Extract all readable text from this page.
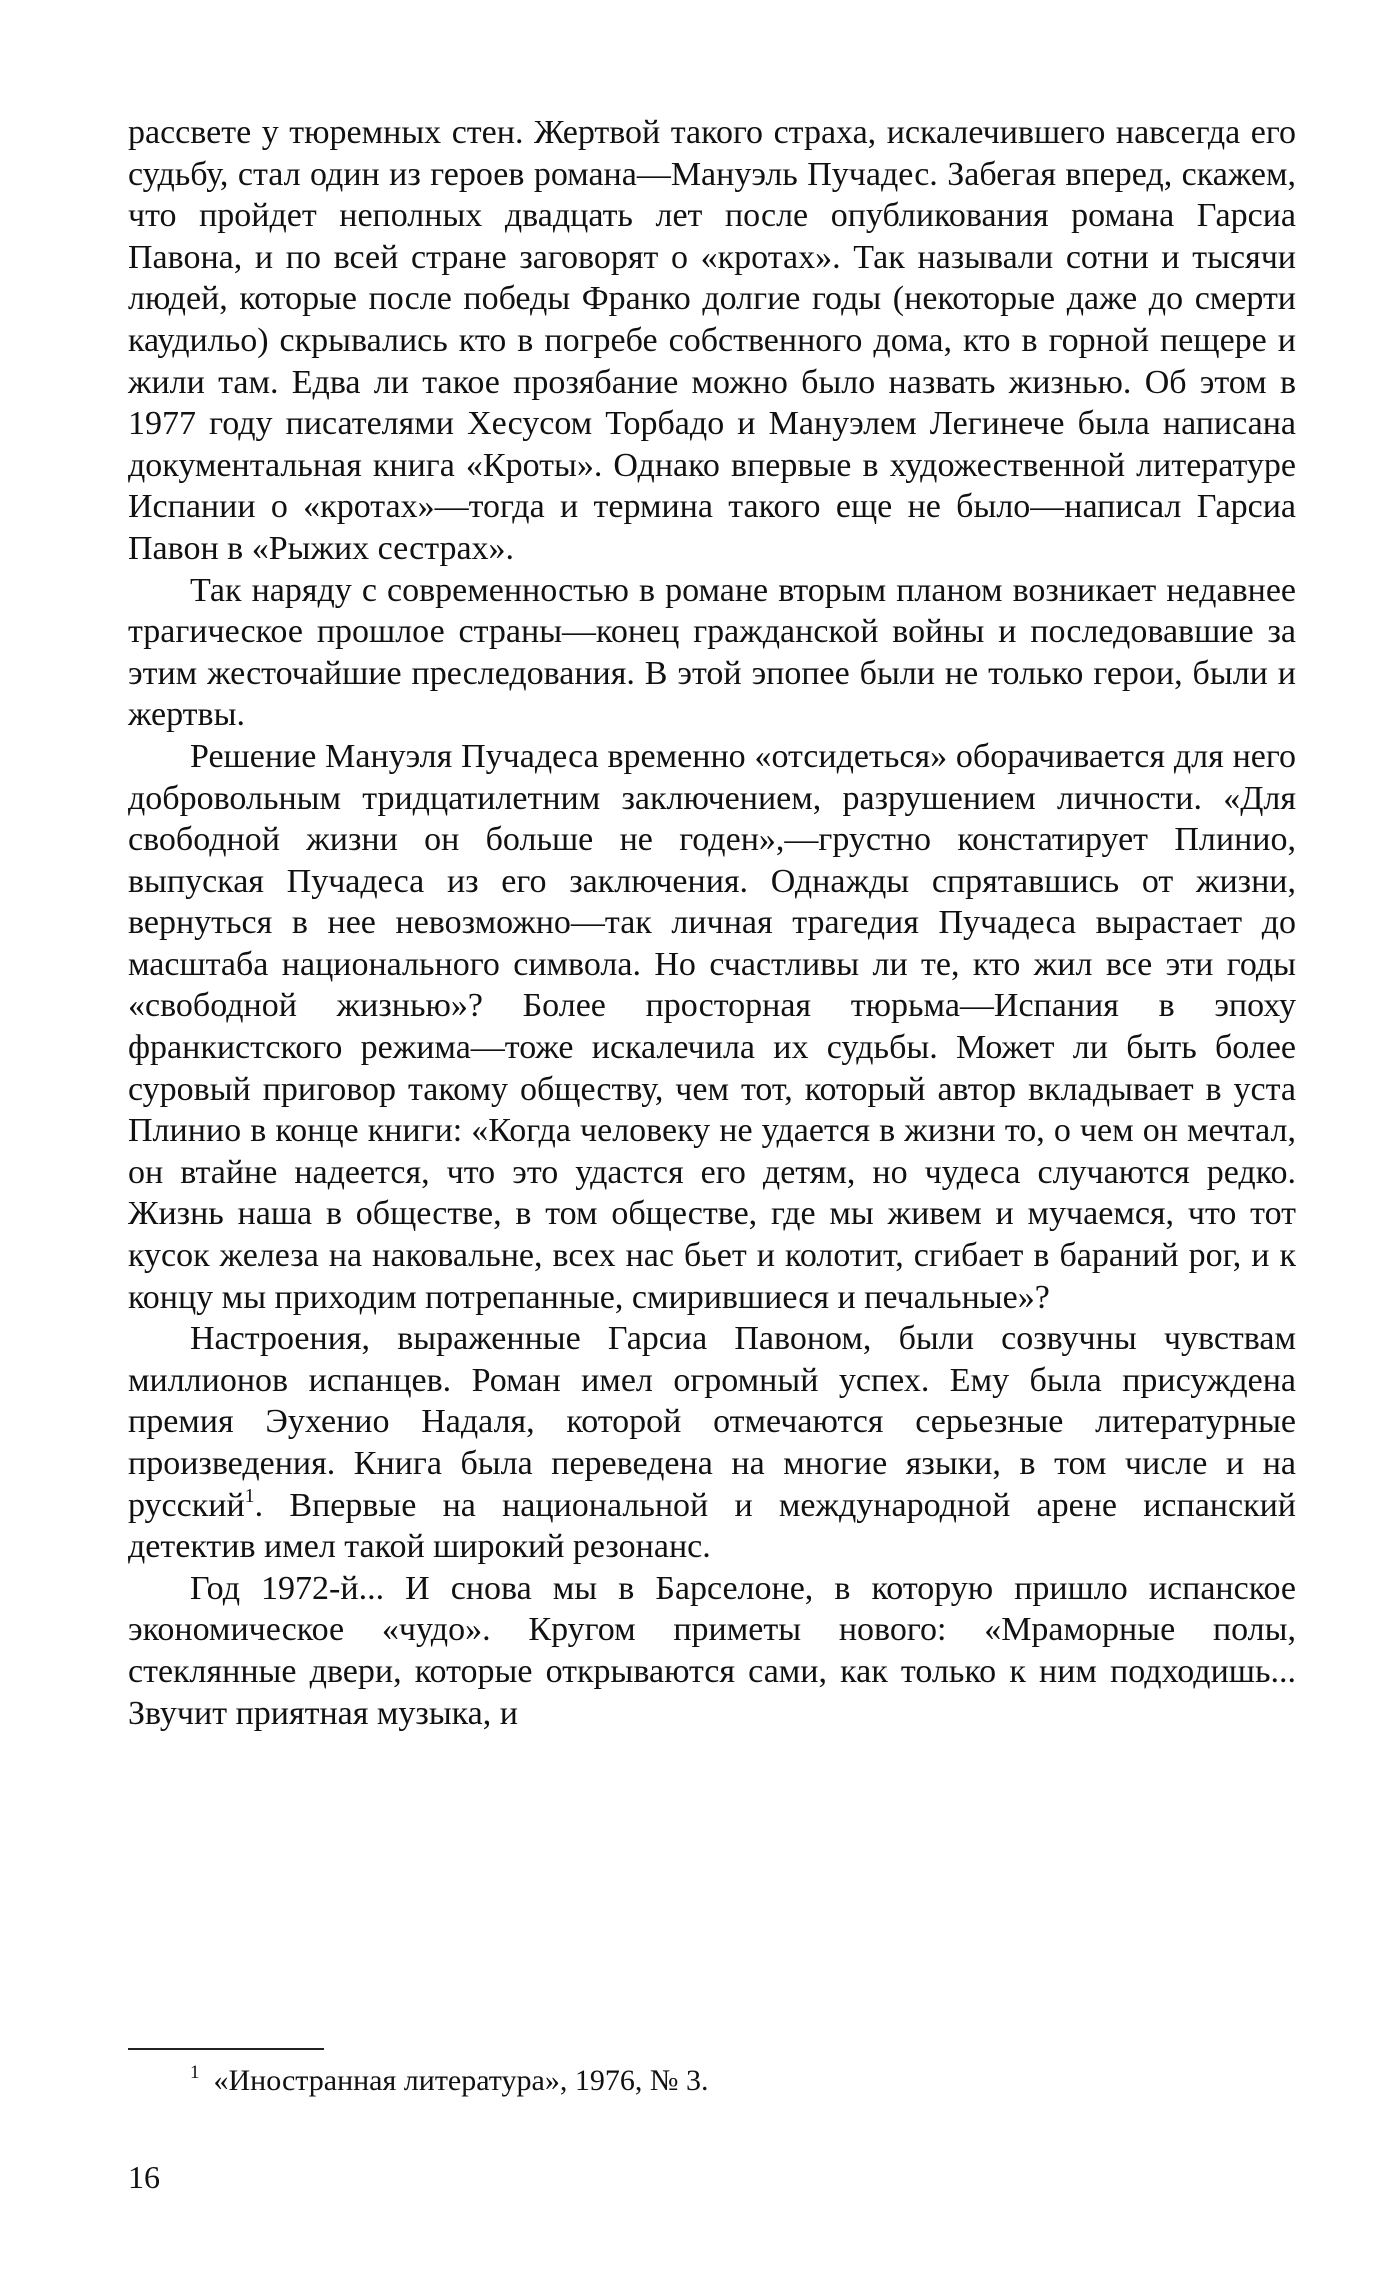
расcвете у тюремных стен. Жертвой такого страха, искалечившего навсегда его судьбу, стал один из героев романа—Мануэль Пучадес. Забегая вперед, скажем, что пройдет неполных двадцать лет после опубликования романа Гарсиа Павона, и по всей стране заговорят о «кротах». Так называли сотни и тысячи людей, которые после победы Франко долгие годы (некоторые даже до смерти каудильо) скрывались кто в погребе собственного дома, кто в горной пещере и жили там. Едва ли такое прозябание можно было назвать жизнью. Об этом в 1977 году писателями Хесусом Торбадо и Мануэлем Легинече была написана документальная книга «Кроты». Однако впервые в художественной литературе Испании о «кротах»—тогда и термина такого еще не было—написал Гарсиа Павон в «Рыжих сестрах».

Так наряду с современностью в романе вторым планом возникает недавнее трагическое прошлое страны—конец гражданской войны и последовавшие за этим жесточайшие преследования. В этой эпопее были не только герои, были и жертвы.

Решение Мануэля Пучадеса временно «отсидеться» оборачивается для него добровольным тридцатилетним заключением, разрушением личности. «Для свободной жизни он больше не годен»,—грустно констатирует Плинио, выпуская Пучадеса из его заключения. Однажды спрятавшись от жизни, вернуться в нее невозможно—так личная трагедия Пучадеса вырастает до масштаба национального символа. Но счастливы ли те, кто жил все эти годы «свободной жизнью»? Более просторная тюрьма—Испания в эпоху франкистского режима—тоже искалечила их судьбы. Может ли быть более суровый приговор такому обществу, чем тот, который автор вкладывает в уста Плинио в конце книги: «Когда человеку не удается в жизни то, о чем он мечтал, он втайне надеется, что это удастся его детям, но чудеса случаются редко. Жизнь наша в обществе, в том обществе, где мы живем и мучаемся, что тот кусок железа на наковальне, всех нас бьет и колотит, сгибает в бараний рог, и к концу мы приходим потрепанные, смирившиеся и печальные»?

Настроения, выраженные Гарсиа Павоном, были созвучны чувствам миллионов испанцев. Роман имел огромный успех. Ему была присуждена премия Эухенио Надаля, которой отмечаются серьезные литературные произведения. Книга была переведена на многие языки, в том числе и на русский$^1$. Впервые на национальной и международной арене испанский детектив имел такой широкий резонанс.

Год 1972-й... И снова мы в Барселоне, в которую пришло испанское экономическое «чудо». Кругом приметы нового: «Мраморные полы, стеклянные двери, которые открываются сами, как только к ним подходишь... Звучит приятная музыка, и

$^1$ «Иностранная литература», 1976, № 3.
16
